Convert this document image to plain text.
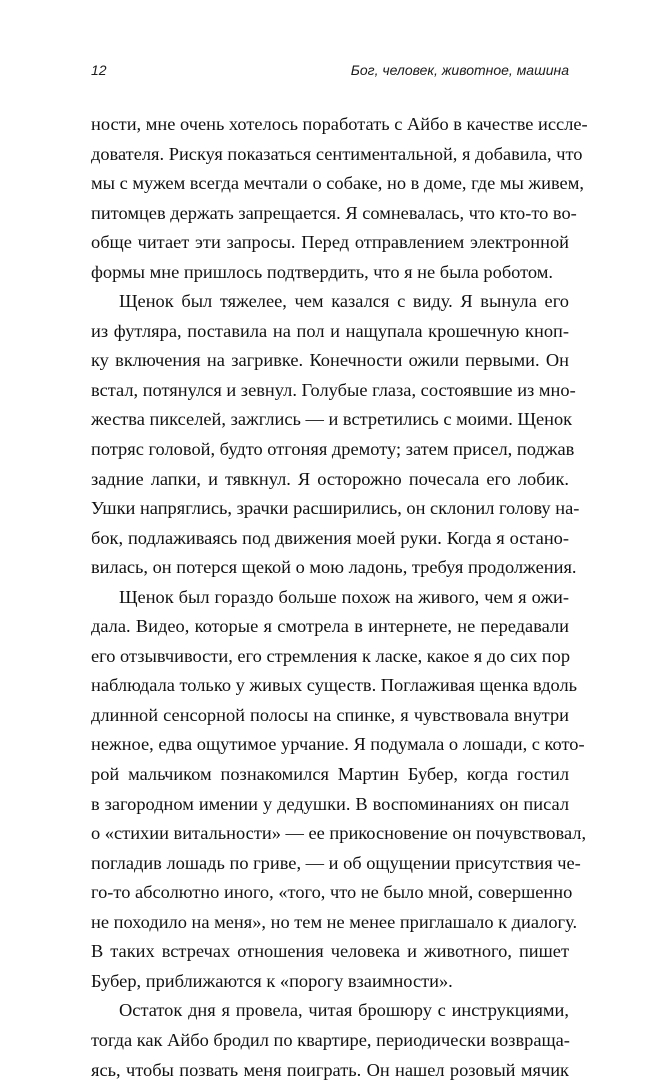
12	Бог, человек, животное, машина
ности, мне очень хотелось поработать с Айбо в качестве иссле-
дователя. Рискуя показаться сентиментальной, я добавила, что
мы с мужем всегда мечтали о собаке, но в доме, где мы живем,
питомцев держать запрещается. Я сомневалась, что кто-то во-
обще читает эти запросы. Перед отправлением электронной
формы мне пришлось подтвердить, что я не была роботом.
Щенок был тяжелее, чем казался с виду. Я вынула его
из футляра, поставила на пол и нащупала крошечную кноп-
ку включения на загривке. Конечности ожили первыми. Он
встал, потянулся и зевнул. Голубые глаза, состоявшие из мно-
жества пикселей, зажглись — и встретились с моими. Щенок
потряс головой, будто отгоняя дремоту; затем присел, поджав
задние лапки, и тявкнул. Я осторожно почесала его лобик.
Ушки напряглись, зрачки расширились, он склонил голову на-
бок, подлаживаясь под движения моей руки. Когда я остано-
вилась, он потерся щекой о мою ладонь, требуя продолжения.
Щенок был гораздо больше похож на живого, чем я ожи-
дала. Видео, которые я смотрела в интернете, не передавали
его отзывчивости, его стремления к ласке, какое я до сих пор
наблюдала только у живых существ. Поглаживая щенка вдоль
длинной сенсорной полосы на спинке, я чувствовала внутри
нежное, едва ощутимое урчание. Я подумала о лошади, с кото-
рой мальчиком познакомился Мартин Бубер, когда гостил
в загородном имении у дедушки. В воспоминаниях он писал
о «стихии витальности» — ее прикосновение он почувствовал,
погладив лошадь по гриве, — и об ощущении присутствия че-
го-то абсолютно иного, «того, что не было мной, совершенно
не походило на меня», но тем не менее приглашало к диалогу.
В таких встречах отношения человека и животного, пишет
Бубер, приближаются к «порогу взаимности».
Остаток дня я провела, читая брошюру с инструкциями,
тогда как Айбо бродил по квартире, периодически возвраща-
ясь, чтобы позвать меня поиграть. Он нашел розовый мячик
